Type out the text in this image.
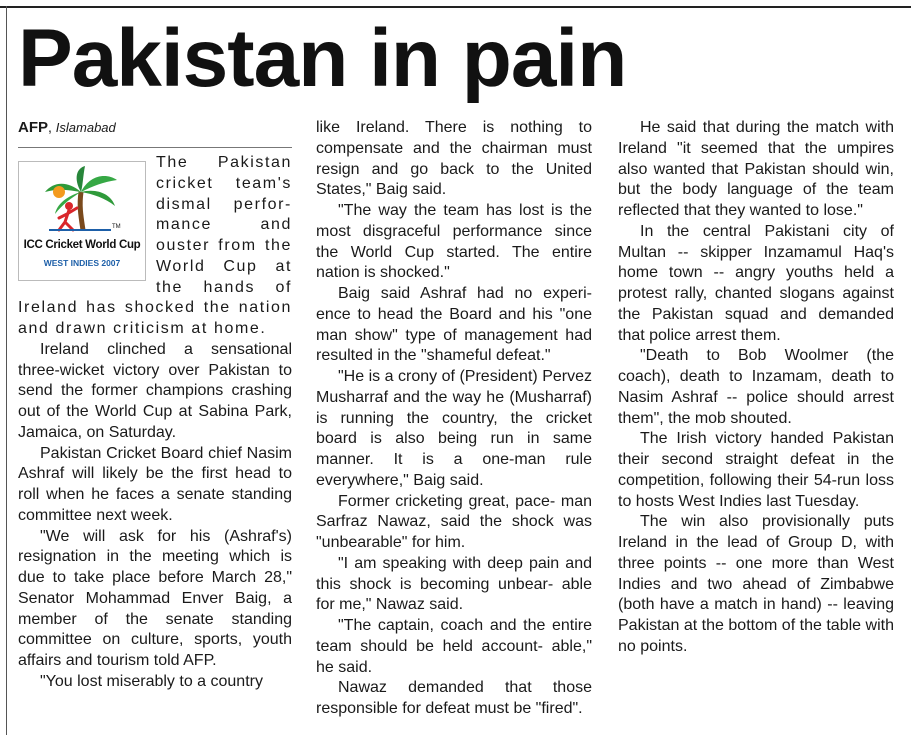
Pakistan in pain
AFP, Islamabad
TM
ICC Cricket World Cup
WEST INDIES 2007

The Pakistan cricket team's dismal perfor- mance and ouster from the World Cup at the hands of Ireland has shocked the nation and drawn criticism at home.

Ireland clinched a sensational three-wicket victory over Pakistan to send the former champions crashing out of the World Cup at Sabina Park, Jamaica, on Saturday.

Pakistan Cricket Board chief Nasim Ashraf will likely be the first head to roll when he faces a senate standing committee next week.

"We will ask for his (Ashraf's) resignation in the meeting which is due to take place before March 28," Senator Mohammad Enver Baig, a member of the senate standing committee on culture, sports, youth affairs and tourism told AFP.

"You lost miserably to a country

like Ireland. There is nothing to compensate and the chairman must resign and go back to the United States," Baig said.

"The way the team has lost is the most disgraceful performance since the World Cup started. The entire nation is shocked."

Baig said Ashraf had no experi- ence to head the Board and his "one man show" type of management had resulted in the "shameful defeat."

"He is a crony of (President) Pervez Musharraf and the way he (Musharraf) is running the country, the cricket board is also being run in same manner. It is a one-man rule everywhere," Baig said.

Former cricketing great, pace- man Sarfraz Nawaz, said the shock was "unbearable" for him.

"I am speaking with deep pain and this shock is becoming unbear- able for me," Nawaz said.

"The captain, coach and the entire team should be held account- able," he said.

Nawaz demanded that those responsible for defeat must be "fired".

He said that during the match with Ireland "it seemed that the umpires also wanted that Pakistan should win, but the body language of the team reflected that they wanted to lose."

In the central Pakistani city of Multan -- skipper Inzamamul Haq's home town -- angry youths held a protest rally, chanted slogans against the Pakistan squad and demanded that police arrest them.

"Death to Bob Woolmer (the coach), death to Inzamam, death to Nasim Ashraf -- police should arrest them", the mob shouted.

The Irish victory handed Pakistan their second straight defeat in the competition, following their 54-run loss to hosts West Indies last Tuesday.

The win also provisionally puts Ireland in the lead of Group D, with three points -- one more than West Indies and two ahead of Zimbabwe (both have a match in hand) -- leaving Pakistan at the bottom of the table with no points.
